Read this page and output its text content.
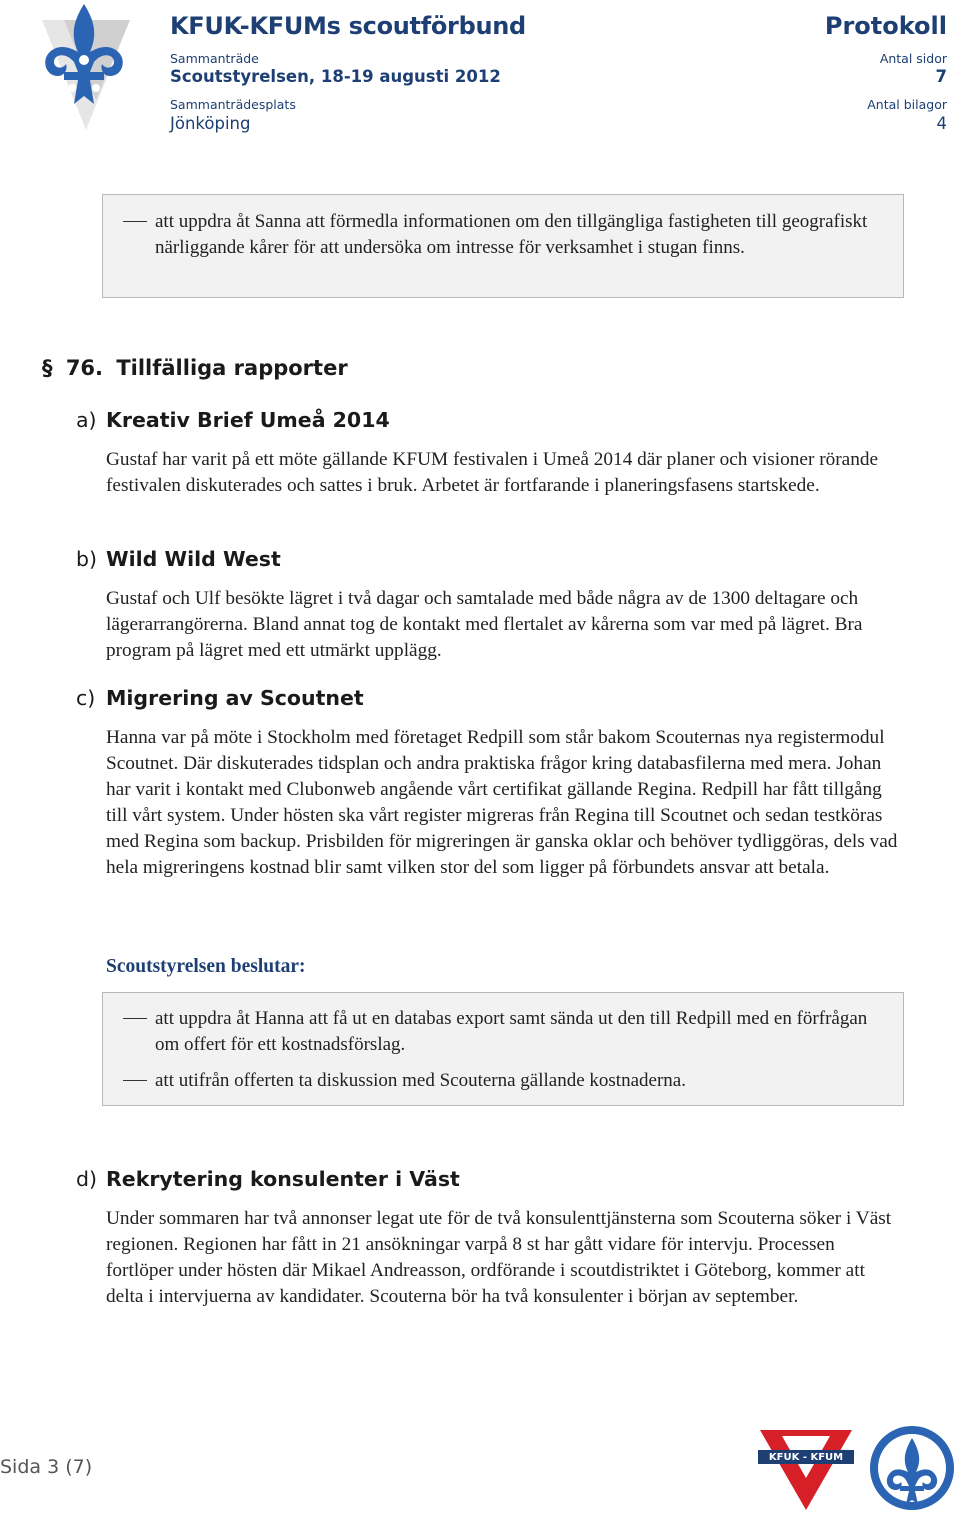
KFUK-KFUMs scoutförbund	Protokoll
Sammanträde
Scoutstyrelsen, 18-19 augusti 2012
Sammanträdesplats
Jönköping
Antal sidor
7
Antal bilagor
4
att uppdra åt Sanna att förmedla informationen om den tillgängliga fastigheten till geografiskt närliggande kårer för att undersöka om intresse för verksamhet i stugan finns.
§ 76. Tillfälliga rapporter
a) Kreativ Brief Umeå 2014
Gustaf har varit på ett möte gällande KFUM festivalen i Umeå 2014 där planer och visioner rörande festivalen diskuterades och sattes i bruk. Arbetet är fortfarande i planeringsfasens startskede.
b) Wild Wild West
Gustaf och Ulf besökte lägret i två dagar och samtalade med både några av de 1300 deltagare och lägerarrangörerna. Bland annat tog de kontakt med flertalet av kårerna som var med på lägret. Bra program på lägret med ett utmärkt upplägg.
c) Migrering av Scoutnet
Hanna var på möte i Stockholm med företaget Redpill som står bakom Scouternas nya registermodul Scoutnet. Där diskuterades tidsplan och andra praktiska frågor kring databasfilerna med mera. Johan har varit i kontakt med Clubonweb angående vårt certifikat gällande Regina. Redpill har fått tillgång till vårt system. Under hösten ska vårt register migreras från Regina till Scoutnet och sedan testköras med Regina som backup. Prisbilden för migreringen är ganska oklar och behöver tydliggöras, dels vad hela migreringens kostnad blir samt vilken stor del som ligger på förbundets ansvar att betala.
Scoutstyrelsen beslutar:
att uppdra åt Hanna att få ut en databas export samt sända ut den till Redpill med en förfrågan om offert för ett kostnadsförslag.
att utifrån offerten ta diskussion med Scouterna gällande kostnaderna.
d) Rekrytering konsulenter i Väst
Under sommaren har två annonser legat ute för de två konsulenttjänsterna som Scouterna söker i Väst regionen. Regionen har fått in 21 ansökningar varpå 8 st har gått vidare för intervju. Processen fortlöper under hösten där Mikael Andreasson, ordförande i scoutdistriktet i Göteborg, kommer att delta i intervjuerna av kandidater. Scouterna bör ha två konsulenter i början av september.
Sida 3 (7)	KFUK - KFUM
